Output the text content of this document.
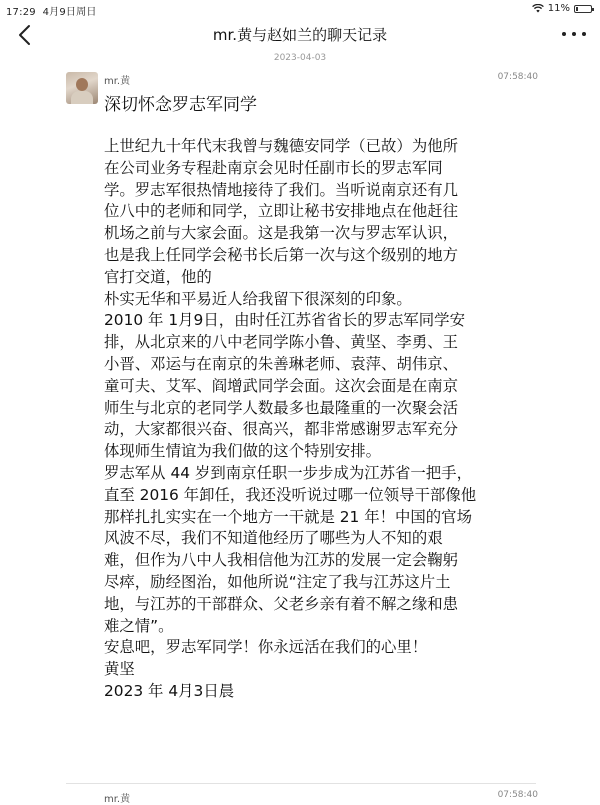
17:29 4月9日周日	11%
mr.黄与赵如兰的聊天记录
2023-04-03
mr.黄	07:58:40
深切怀念罗志军同学

上世纪九十年代末我曾与魏德安同学（已故）为他所

在公司业务专程赴南京会见时任副市长的罗志军同

学。罗志军很热情地接待了我们。当听说南京还有几

位八中的老师和同学，立即让秘书安排地点在他赶往

机场之前与大家会面。这是我第一次与罗志军认识，

也是我上任同学会秘书长后第一次与这个级别的地方

官打交道，他的

朴实无华和平易近人给我留下很深刻的印象。

2010 年 1月9日，由时任江苏省省长的罗志军同学安

排，从北京来的八中老同学陈小鲁、黄坚、李勇、王

小晋、邓运与在南京的朱善琳老师、袁萍、胡伟京、

童可夫、艾军、阎增武同学会面。这次会面是在南京

师生与北京的老同学人数最多也最隆重的一次聚会活

动，大家都很兴奋、很高兴，都非常感谢罗志军充分

体现师生情谊为我们做的这个特别安排。

罗志军从 44 岁到南京任职一步步成为江苏省一把手，

直至 2016 年卸任，我还没听说过哪一位领导干部像他

那样扎扎实实在一个地方一干就是 21 年！中国的官场

风波不尽，我们不知道他经历了哪些为人不知的艰

难，但作为八中人我相信他为江苏的发展一定会鞠躬

尽瘁，励经图治，如他所说“注定了我与江苏这片土

地，与江苏的干部群众、父老乡亲有着不解之缘和患

难之情”。

安息吧，罗志军同学！你永远活在我们的心里！

黄坚

2023 年 4月3日晨

mr.黄	07:58:40
